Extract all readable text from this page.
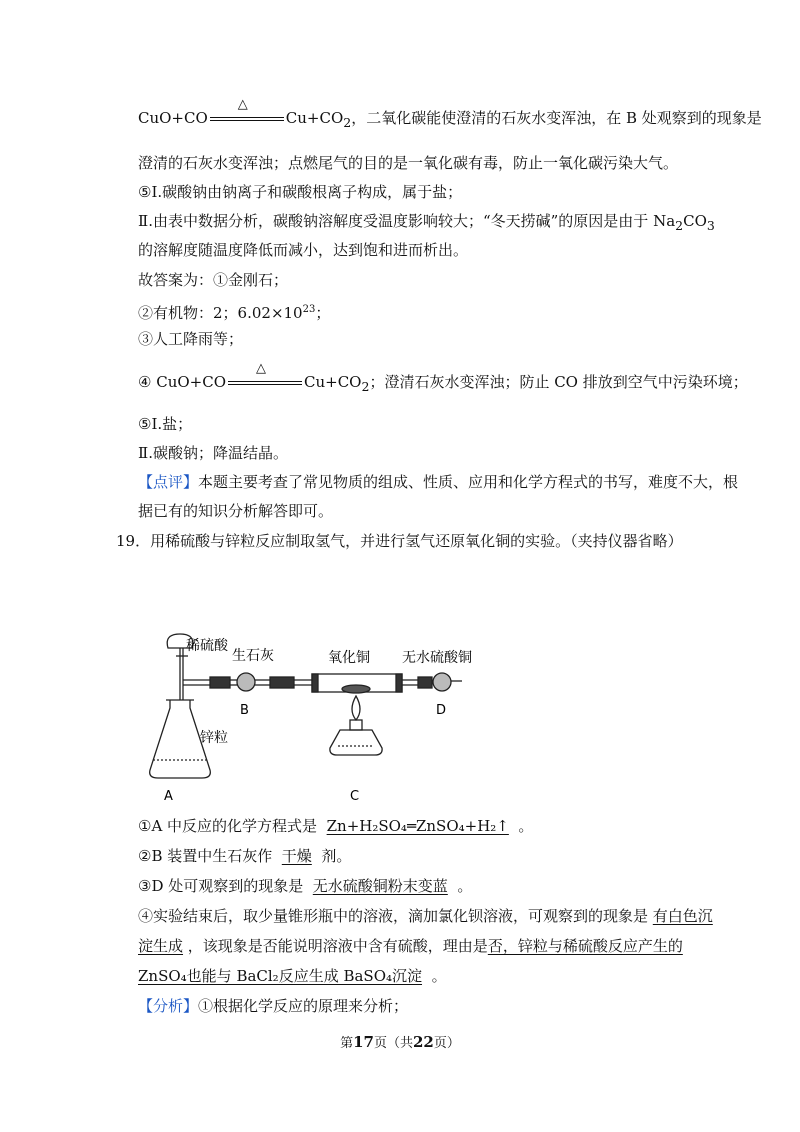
CuO+CO
△
$Cu+CO_2$，二氧化碳能使澄清的石灰水变浑浊，在 B 处观察到的现象是
澄清的石灰水变浑浊；点燃尾气的目的是一氧化碳有毒，防止一氧化碳污染大气。
⑤Ⅰ.碳酸钠由钠离子和碳酸根离子构成，属于盐；
Ⅱ.由表中数据分析，碳酸钠溶解度受温度影响较大；“冬天捞碱”的原因是由于 $Na_2CO_3$
的溶解度随温度降低而减小，达到饱和进而析出。
故答案为：①金刚石；
②有机物：2；$6.02\times 10^{23}$；
③人工降雨等；
④ CuO+CO
△
$Cu+CO_2$；澄清石灰水变浑浊；防止 CO 排放到空气中污染环境；
⑤Ⅰ.盐；
Ⅱ.碳酸钠；降温结晶。
【点评】本题主要考查了常见物质的组成、性质、应用和化学方程式的书写，难度不大，根
据已有的知识分析解答即可。
19．用稀硫酸与锌粒反应制取氢气，并进行氢气还原氧化铜的实验。（夹持仪器省略）
稀硫酸
生石灰	氧化铜 无水硫酸铜
锌粒
A
B
C
D
①A 中反应的化学方程式是 Zn+H₂SO₄═ZnSO₄+H₂↑ 。
②B 装置中生石灰作 干燥 剂。
③D 处可观察到的现象是 无水硫酸铜粉末变蓝 。
④实验结束后，取少量锥形瓶中的溶液，滴加氯化钡溶液，可观察到的现象是 有白色沉
淀生成 ，该现象是否能说明溶液中含有硫酸，理由是否，锌粒与稀硫酸反应产生的
ZnSO₄也能与 BaCl₂反应生成 BaSO₄沉淀 。
【分析】①根据化学反应的原理来分析；
第17页（共22页）
